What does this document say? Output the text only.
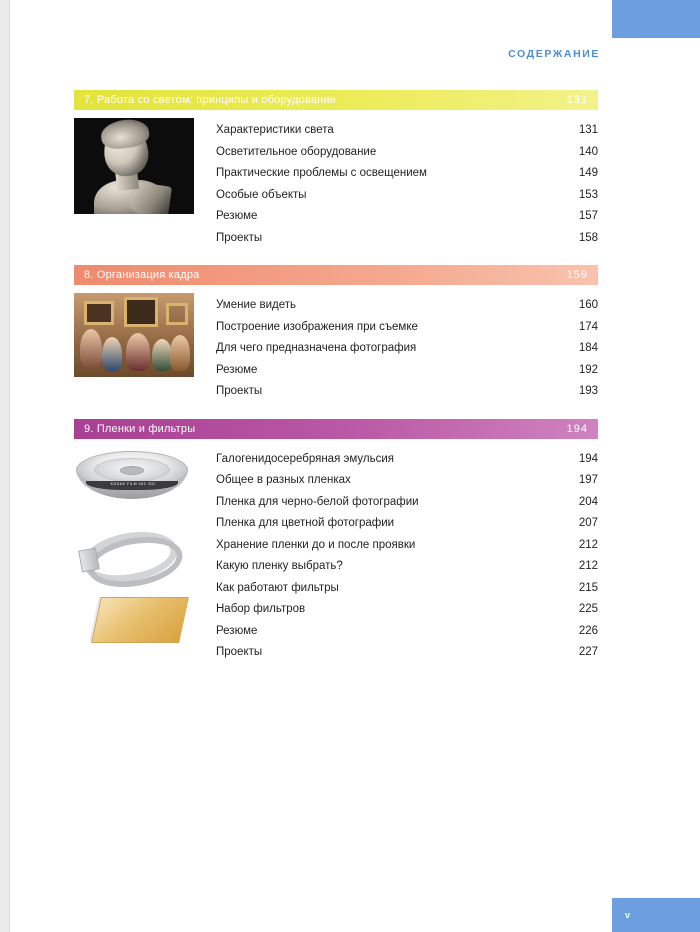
СОДЕРЖАНИЕ
7. Работа со светом: принципы и оборудование	131
Характеристики света	131
Осветительное оборудование	140
Практические проблемы с освещением	149
Особые объекты	153
Резюме	157
Проекты	158
8. Организация кадра	159
Умение видеть	160
Построение изображения при съемке	174
Для чего предназначена фотография	184
Резюме	192
Проекты	193
9. Пленки и фильтры	194
KODAK FILM 400 ISO
Галогенидосеребряная эмульсия	194
Общее в разных пленках	197
Пленка для черно-белой фотографии	204
Пленка для цветной фотографии	207
Хранение пленки до и после проявки	212
Какую пленку выбрать?	212
Как работают фильтры	215
Набор фильтров	225
Резюме	226
Проекты	227
v
